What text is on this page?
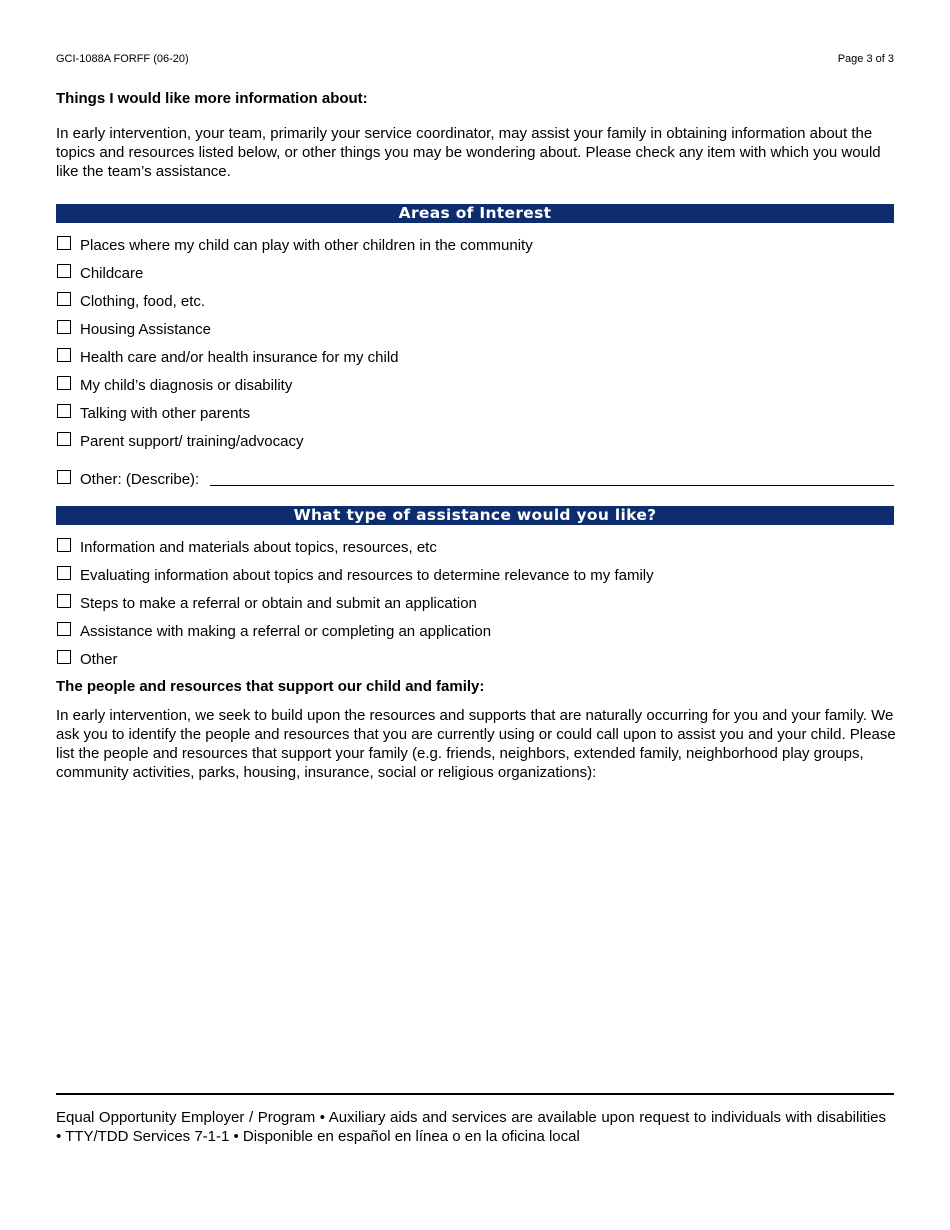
GCI-1088A FORFF (06-20)	Page 3 of 3
Things I would like more information about:
In early intervention, your team, primarily your service coordinator, may assist your family in obtaining information about the topics and resources listed below, or other things you may be wondering about. Please check any item with which you would like the team’s assistance.
Areas of Interest
Places where my child can play with other children in the community
Childcare
Clothing, food, etc.
Housing Assistance
Health care and/or health insurance for my child
My child’s diagnosis or disability
Talking with other parents
Parent support/ training/advocacy
Other: (Describe):
What type of assistance would you like?
Information and materials about topics, resources, etc
Evaluating information about topics and resources to determine relevance to my family
Steps to make a referral or obtain and submit an application
Assistance with making a referral or completing an application
Other
The people and resources that support our child and family:
In early intervention, we seek to build upon the resources and supports that are naturally occurring for you and your family. We ask you to identify the people and resources that you are currently using or could call upon to assist you and your child. Please list the people and resources that support your family (e.g. friends, neighbors, extended family, neighborhood play groups, community activities, parks, housing, insurance, social or religious organizations):
Equal Opportunity Employer / Program • Auxiliary aids and services are available upon request to individuals with disabilities • TTY/TDD Services 7-1-1 • Disponible en español en línea o en la oficina local
